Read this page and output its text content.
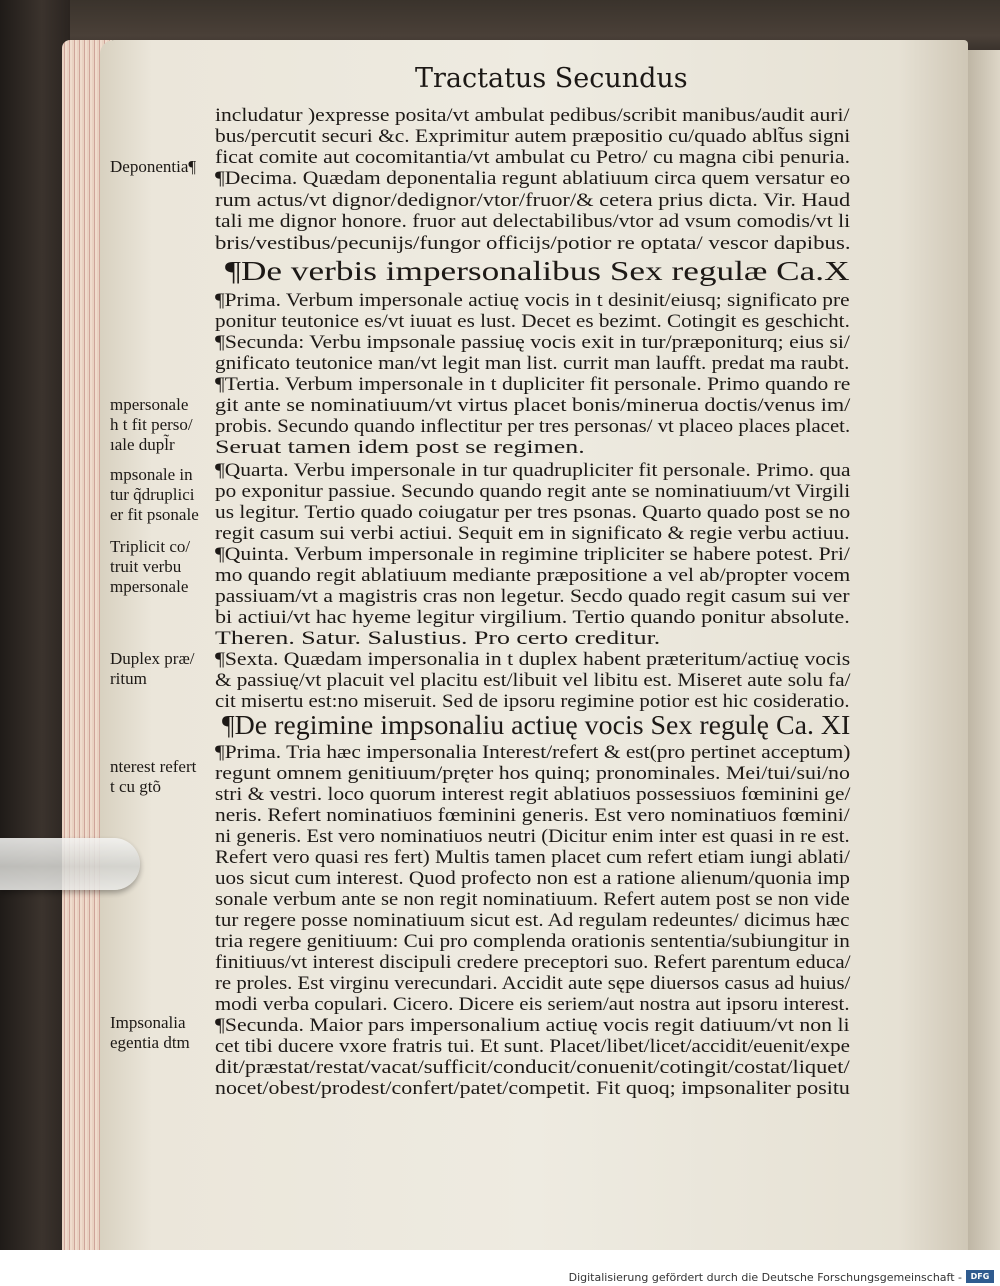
Tractatus Secundus
includatur )expresse posita/vt ambulat pedibus/scribit manibus/audit auri/
bus/percutit securi &c. Exprimitur autem præpositio cu/quado ablt̃us signi
ficat comite aut cocomitantia/vt ambulat cu Petro/ cu magna cibi penuria.
¶Decima. Quædam deponentalia regunt ablatiuum circa quem versatur eo
rum actus/vt dignor/dedignor/vtor/fruor/& cetera prius dicta. Vir. Haud
tali me dignor honore. fruor aut delectabilibus/vtor ad vsum comodis/vt li
bris/vestibus/pecunijs/fungor officijs/potior re optata/ vescor dapibus.
¶De verbis impersonalibus Sex regulæ Ca.X
¶Prima. Verbum impersonale actiuę vocis in t desinit/eiusq; significato pre
ponitur teutonice es/vt iuuat es lust. Decet es bezimt. Cotingit es geschicht.
¶Secunda: Verbu impsonale passiuę vocis exit in tur/præponiturq; eius si/
gnificato teutonice man/vt legit man list. currit man laufft. predat ma raubt.
¶Tertia. Verbum impersonale in t dupliciter fit personale. Primo quando re
git ante se nominatiuum/vt virtus placet bonis/minerua doctis/venus im/
probis. Secundo quando inflectitur per tres personas/ vt placeo places placet.
Seruat tamen idem post se regimen.
¶Quarta. Verbu impersonale in tur quadrupliciter fit personale. Primo. qua
po exponitur passiue. Secundo quando regit ante se nominatiuum/vt Virgili
us legitur. Tertio quado coiugatur per tres psonas. Quarto quado post se no
regit casum sui verbi actiui. Sequit em in significato & regie verbu actiuu.
¶Quinta. Verbum impersonale in regimine tripliciter se habere potest. Pri/
mo quando regit ablatiuum mediante præpositione a vel ab/propter vocem
passiuam/vt a magistris cras non legetur. Secdo quado regit casum sui ver
bi actiui/vt hac hyeme legitur virgilium. Tertio quando ponitur absolute.
Theren. Satur. Salustius. Pro certo creditur.
¶Sexta. Quædam impersonalia in t duplex habent præteritum/actiuę vocis
& passiuę/vt placuit vel placitu est/libuit vel libitu est. Miseret aute solu fa/
cit misertu est:no miseruit. Sed de ipsoru regimine potior est hic cosideratio.
¶De regimine impsonaliu actiuę vocis Sex regulę Ca. XI
¶Prima. Tria hæc impersonalia Interest/refert & est(pro pertinet acceptum)
regunt omnem genitiuum/pręter hos quinq; pronominales. Mei/tui/sui/no
stri & vestri. loco quorum interest regit ablatiuos possessiuos fœminini ge/
neris. Refert nominatiuos fœminini generis. Est vero nominatiuos fœmini/
ni generis. Est vero nominatiuos neutri (Dicitur enim inter est quasi in re est.
Refert vero quasi res fert) Multis tamen placet cum refert etiam iungi ablati/
uos sicut cum interest. Quod profecto non est a ratione alienum/quonia imp
sonale verbum ante se non regit nominatiuum. Refert autem post se non vide
tur regere posse nominatiuum sicut est. Ad regulam redeuntes/ dicimus hæc
tria regere genitiuum: Cui pro complenda orationis sententia/subiungitur in
finitiuus/vt interest discipuli credere preceptori suo. Refert parentum educa/
re proles. Est virginu verecundari. Accidit aute sępe diuersos casus ad huius/
modi verba copulari. Cicero. Dicere eis seriem/aut nostra aut ipsoru interest.
¶Secunda. Maior pars impersonalium actiuę vocis regit datiuum/vt non li
cet tibi ducere vxore fratris tui. Et sunt. Placet/libet/licet/accidit/euenit/expe
dit/præstat/restat/vacat/sufficit/conducit/conuenit/cotingit/costat/liquet/
nocet/obest/prodest/confert/patet/competit. Fit quoq; impsonaliter positu
Deponentia¶
mpersonale
h t fit perso/
ıale dupl̃r
mpsonale in
tur q̃druplici
er fit psonale
Triplicit co/
truit verbu
mpersonale
Duplex præ/
ritum
nterest refert
t cu gtõ
Impsonalia
egentia dtm
Digitalisierung gefördert durch die Deutsche Forschungsgemeinschaft -	DFG
